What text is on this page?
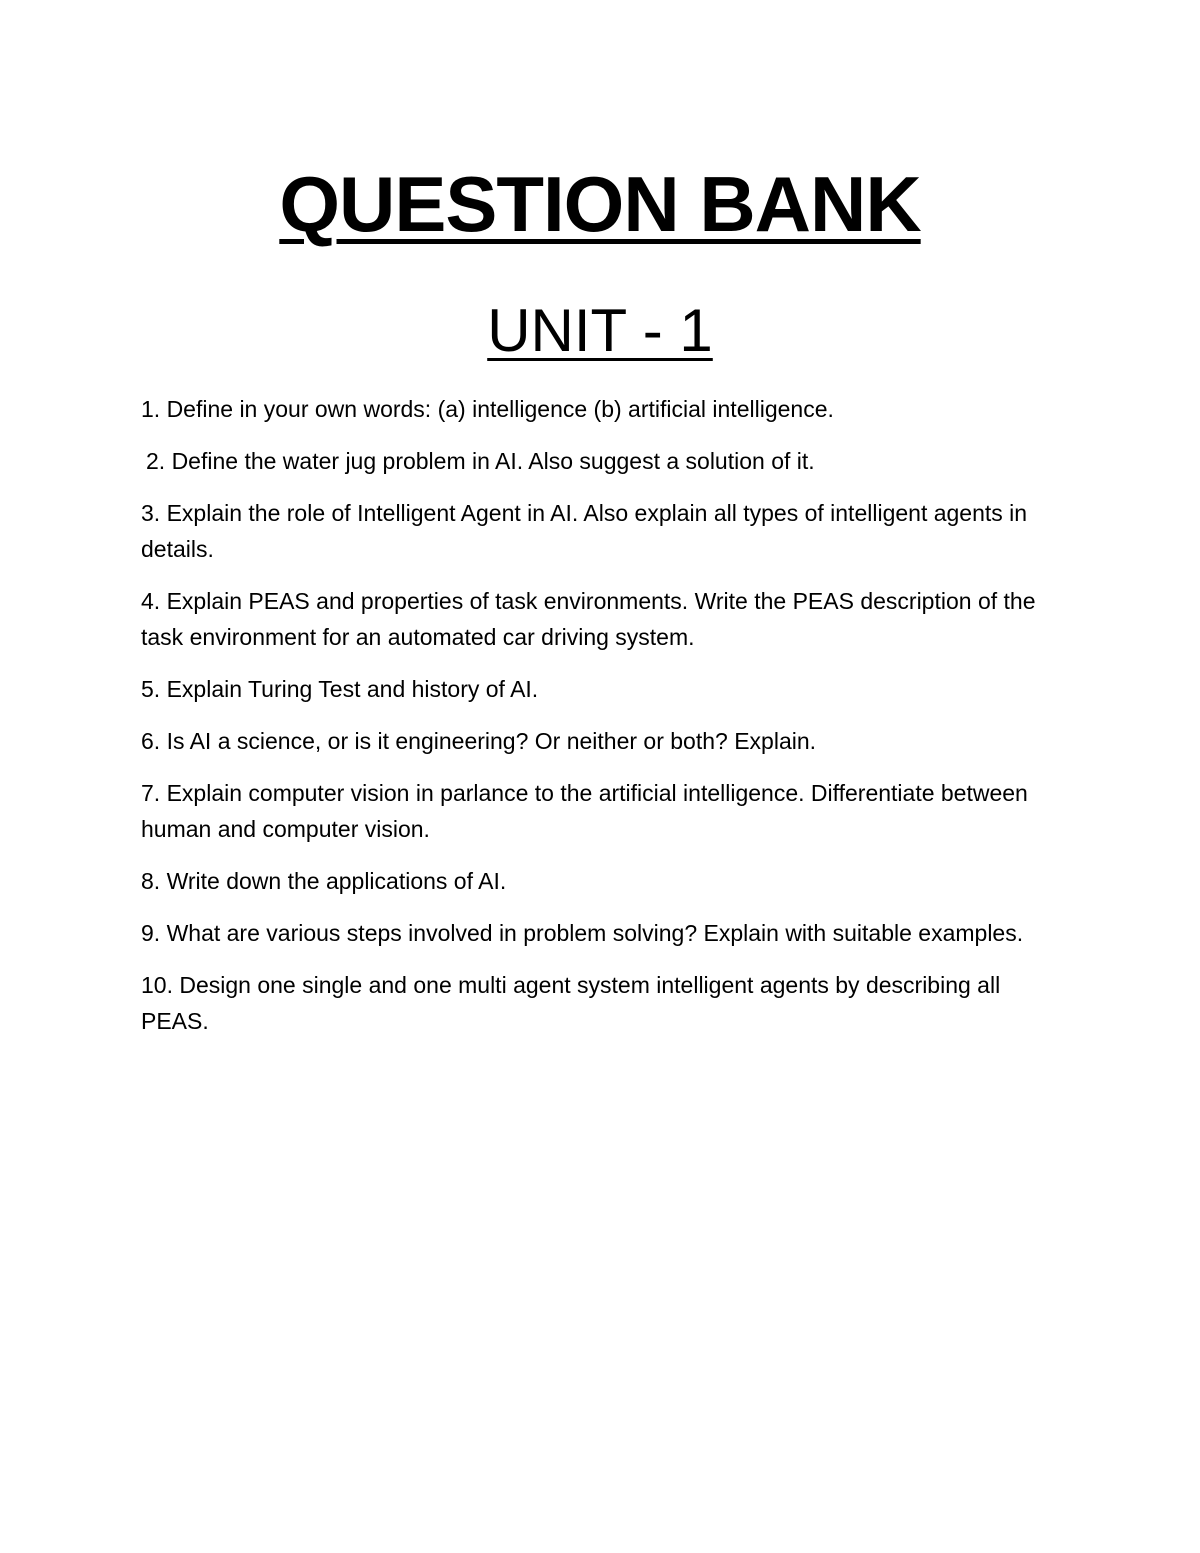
QUESTION BANK
UNIT - 1
1. Define in your own words: (a) intelligence (b) artificial intelligence.
2. Define the water jug problem in AI. Also suggest a solution of it.
3. Explain the role of Intelligent Agent in AI. Also explain all types of intelligent agents in details.
4. Explain PEAS and properties of task environments. Write the PEAS description of the task environment for an automated car driving system.
5. Explain Turing Test and history of AI.
6. Is AI a science, or is it engineering? Or neither or both? Explain.
7. Explain computer vision in parlance to the artificial intelligence. Differentiate between human and computer vision.
8. Write down the applications of AI.
9. What are various steps involved in problem solving? Explain with suitable examples.
10. Design one single and one multi agent system intelligent agents by describing all PEAS.
